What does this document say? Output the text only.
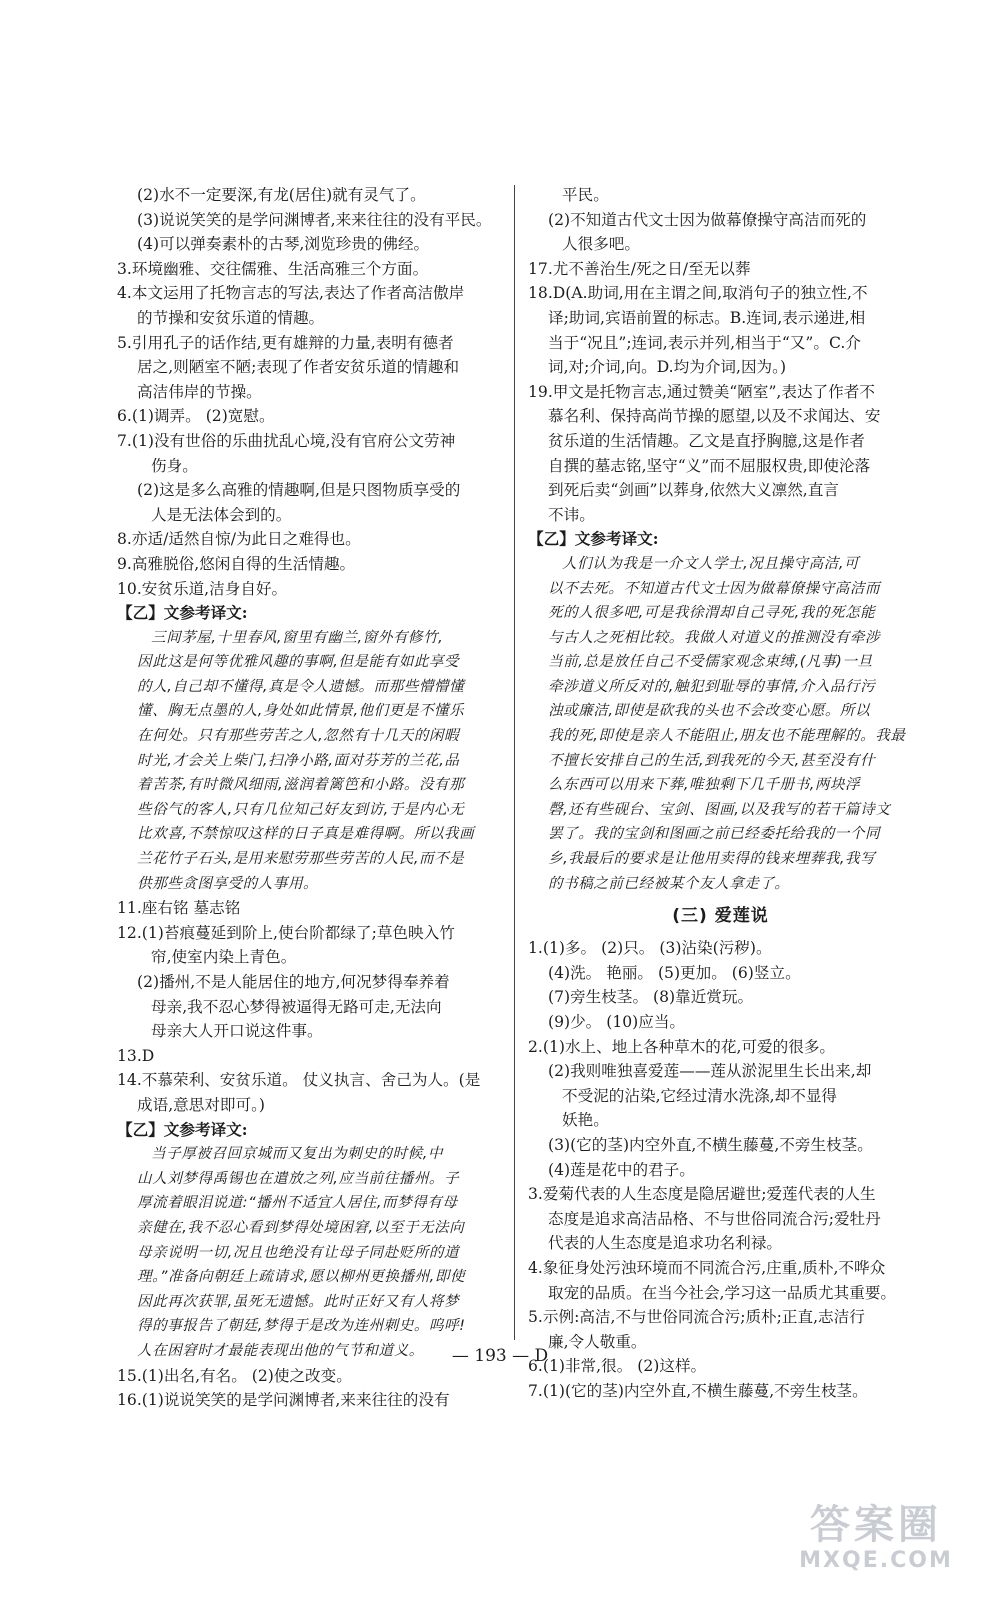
(2)水不一定要深,有龙(居住)就有灵气了。
(3)说说笑笑的是学问渊博者,来来往往的没有平民。
(4)可以弹奏素朴的古琴,浏览珍贵的佛经。
3.环境幽雅、交往儒雅、生活高雅三个方面。
4.本文运用了托物言志的写法,表达了作者高洁傲岸
的节操和安贫乐道的情趣。
5.引用孔子的话作结,更有雄辩的力量,表明有德者
居之,则陋室不陋;表现了作者安贫乐道的情趣和
高洁伟岸的节操。
6.(1)调弄。 (2)宽慰。
7.(1)没有世俗的乐曲扰乱心境,没有官府公文劳神
伤身。
(2)这是多么高雅的情趣啊,但是只图物质享受的
人是无法体会到的。
8.亦适/适然自惊/为此日之难得也。
9.高雅脱俗,悠闲自得的生活情趣。
10.安贫乐道,洁身自好。
【乙】文参考译文:
三间茅屋,十里春风,窗里有幽兰,窗外有修竹,
因此这是何等优雅风趣的事啊,但是能有如此享受
的人,自己却不懂得,真是令人遗憾。而那些懵懵懂
懂、胸无点墨的人,身处如此情景,他们更是不懂乐
在何处。只有那些劳苦之人,忽然有十几天的闲暇
时光,才会关上柴门,扫净小路,面对芬芳的兰花,品
着苦茶,有时微风细雨,滋润着篱笆和小路。没有那
些俗气的客人,只有几位知己好友到访,于是内心无
比欢喜,不禁惊叹这样的日子真是难得啊。所以我画
兰花竹子石头,是用来慰劳那些劳苦的人民,而不是
供那些贪图享受的人事用。
11.座右铭 墓志铭
12.(1)苔痕蔓延到阶上,使台阶都绿了;草色映入竹
帘,使室内染上青色。
(2)播州,不是人能居住的地方,何况梦得奉养着
母亲,我不忍心梦得被逼得无路可走,无法向
母亲大人开口说这件事。
13.D
14.不慕荣利、安贫乐道。 仗义执言、舍己为人。(是
成语,意思对即可。)
【乙】文参考译文:
当子厚被召回京城而又复出为刺史的时候,中
山人刘梦得禹锡也在遣放之列,应当前往播州。子
厚流着眼泪说道:“播州不适宜人居住,而梦得有母
亲健在,我不忍心看到梦得处境困窘,以至于无法向
母亲说明一切,况且也绝没有让母子同赴贬所的道
理。”准备向朝廷上疏请求,愿以柳州更换播州,即使
因此再次获罪,虽死无遗憾。此时正好又有人将梦
得的事报告了朝廷,梦得于是改为连州刺史。呜呼!
人在困窘时才最能表现出他的气节和道义。
15.(1)出名,有名。 (2)使之改变。
16.(1)说说笑笑的是学问渊博者,来来往往的没有
平民。
(2)不知道古代文士因为做幕僚操守高洁而死的
人很多吧。
17.尤不善治生/死之日/至无以葬
18.D(A.助词,用在主谓之间,取消句子的独立性,不
译;助词,宾语前置的标志。B.连词,表示递进,相
当于“况且”;连词,表示并列,相当于“又”。C.介
词,对;介词,向。D.均为介词,因为。)
19.甲文是托物言志,通过赞美“陋室”,表达了作者不
慕名利、保持高尚节操的愿望,以及不求闻达、安
贫乐道的生活情趣。乙文是直抒胸臆,这是作者
自撰的墓志铭,坚守“义”而不屈服权贵,即使沦落
到死后卖“剑画”以葬身,依然大义凛然,直言
不讳。
【乙】文参考译文:
人们认为我是一介文人学士,况且操守高洁,可
以不去死。不知道古代文士因为做幕僚操守高洁而
死的人很多吧,可是我徐渭却自己寻死,我的死怎能
与古人之死相比较。我做人对道义的推测没有牵涉
当前,总是放任自己不受儒家观念束缚,(凡事)一旦
牵涉道义所反对的,触犯到耻辱的事情,介入品行污
浊或廉洁,即使是砍我的头也不会改变心愿。所以
我的死,即使是亲人不能阻止,朋友也不能理解的。我最
不擅长安排自己的生活,到我死的今天,甚至没有什
么东西可以用来下葬,唯独剩下几千册书,两块浮
磬,还有些砚台、宝剑、图画,以及我写的若干篇诗文
罢了。我的宝剑和图画之前已经委托给我的一个同
乡,我最后的要求是让他用卖得的钱来埋葬我,我写
的书稿之前已经被某个友人拿走了。
(三) 爱莲说
1.(1)多。 (2)只。 (3)沾染(污秽)。
(4)洗。 艳丽。 (5)更加。 (6)竖立。
(7)旁生枝茎。 (8)靠近赏玩。
(9)少。 (10)应当。
2.(1)水上、地上各种草木的花,可爱的很多。
(2)我则唯独喜爱莲——莲从淤泥里生长出来,却
不受泥的沾染,它经过清水洗涤,却不显得
妖艳。
(3)(它的茎)内空外直,不横生藤蔓,不旁生枝茎。
(4)莲是花中的君子。
3.爱菊代表的人生态度是隐居避世;爱莲代表的人生
态度是追求高洁品格、不与世俗同流合污;爱牡丹
代表的人生态度是追求功名利禄。
4.象征身处污浊环境而不同流合污,庄重,质朴,不哗众
取宠的品质。在当今社会,学习这一品质尤其重要。
5.示例:高洁,不与世俗同流合污;质朴;正直,志洁行
廉,令人敬重。
6.(1)非常,很。 (2)这样。
7.(1)(它的茎)内空外直,不横生藤蔓,不旁生枝茎。
— 193 — D
答案圈
MXQE.COM
